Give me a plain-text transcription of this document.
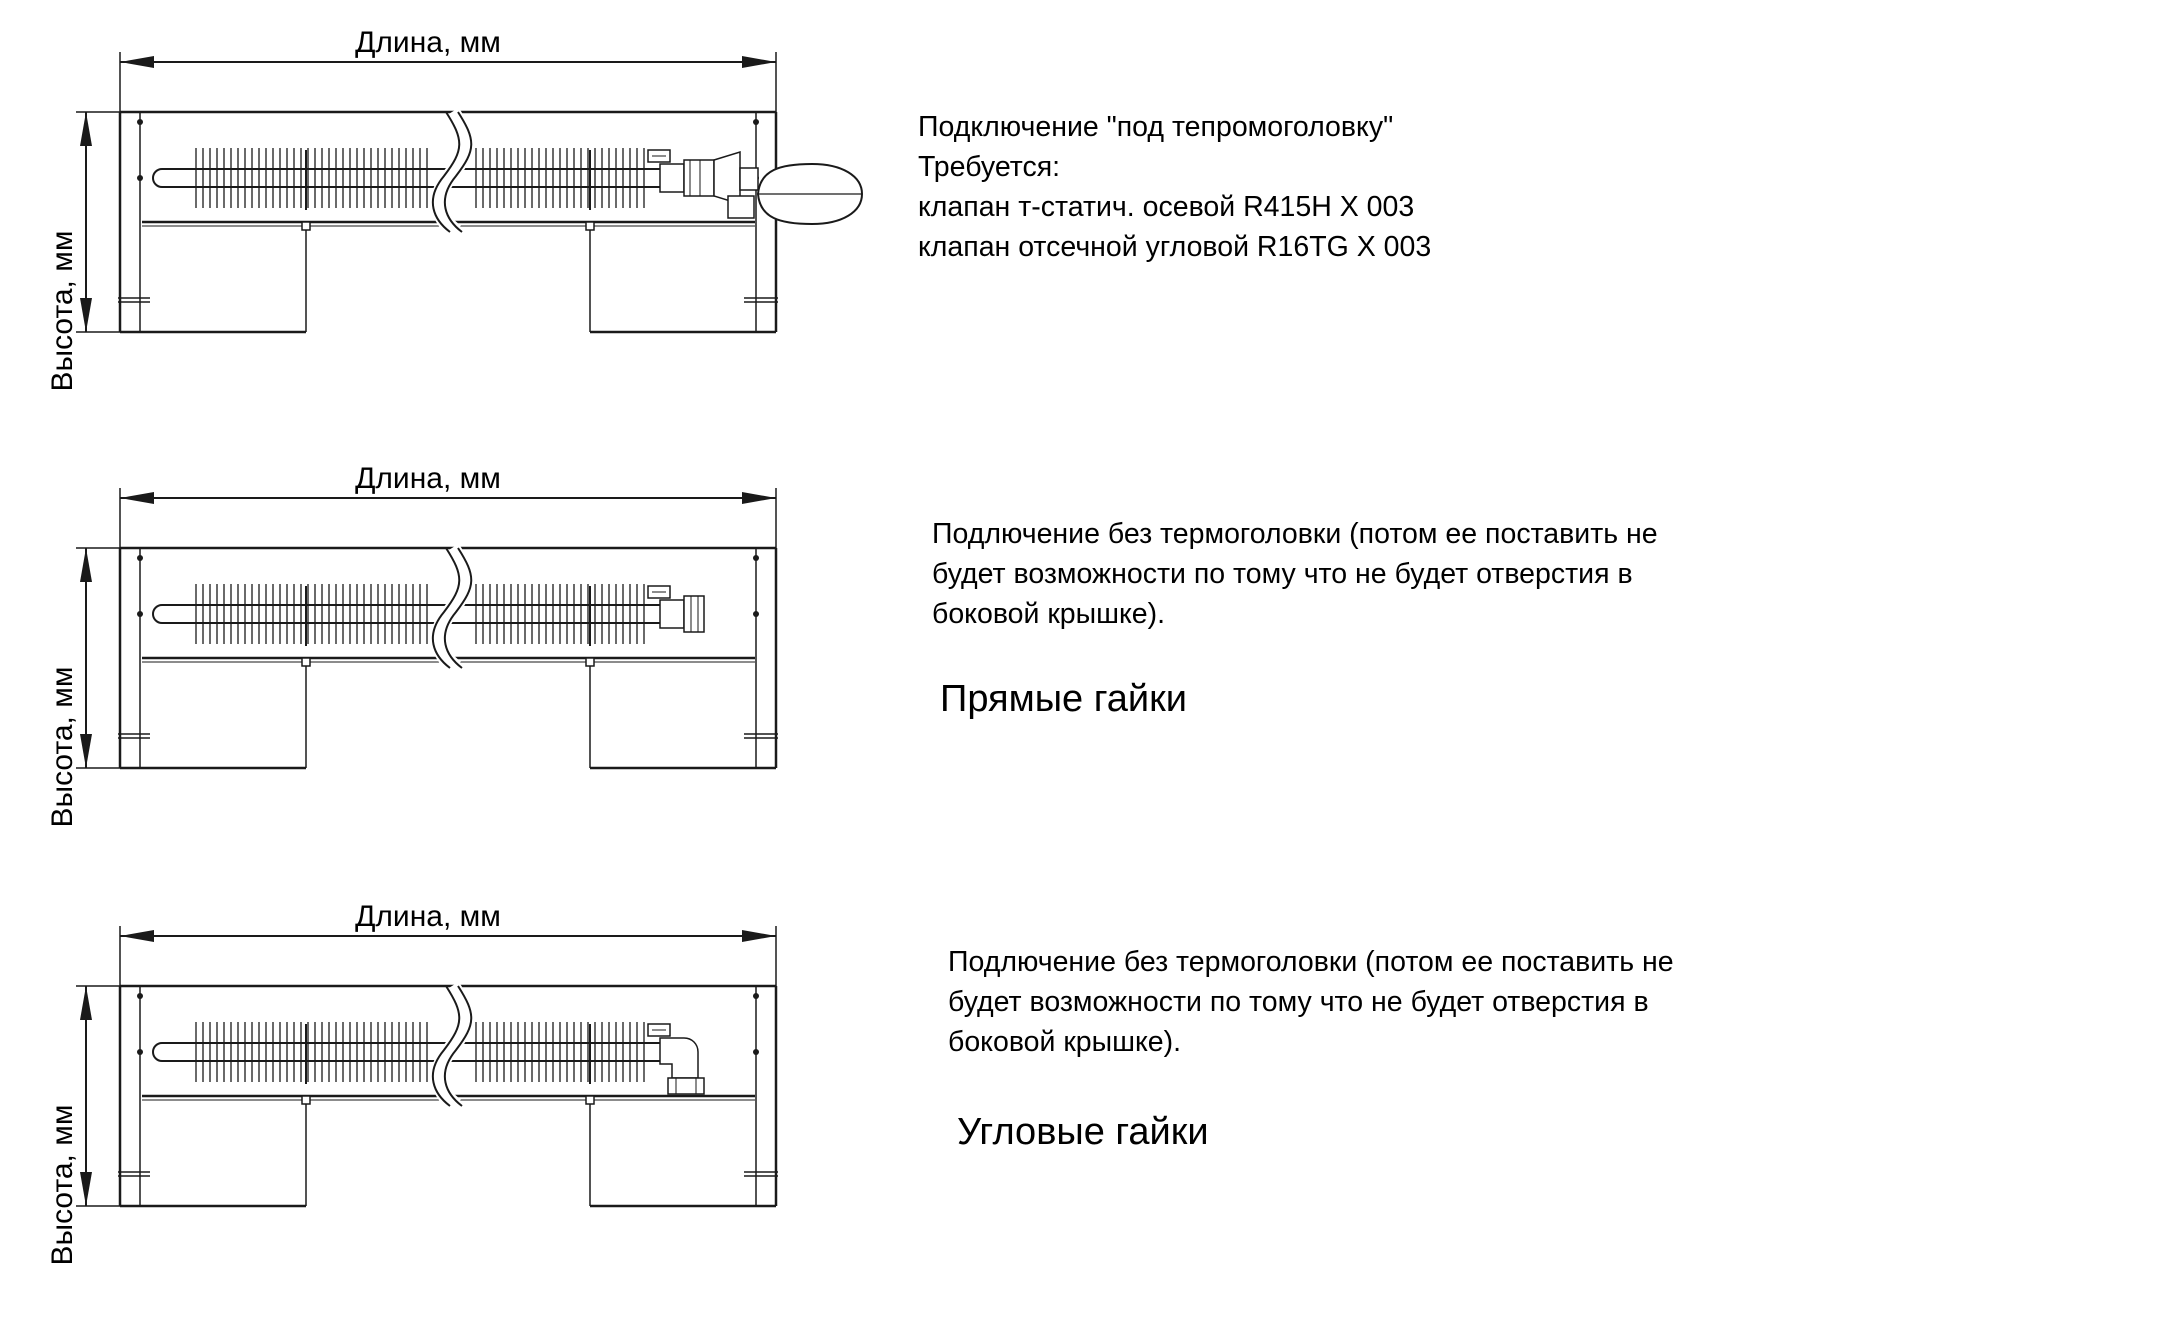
Длина, мм
Высота, мм
Подключение "под тепромоголовку"
Требуется:
клапан т-статич. осевой R415H X 003
клапан отсечной угловой R16TG X 003
Длина, мм
Высота, мм
Подлючение без термоголовки (потом ее поставить не
будет возможности по тому что не будет отверстия в
боковой крышке).
Прямые гайки
Длина, мм
Высота, мм
Подлючение без термоголовки (потом ее поставить не
будет возможности по тому что не будет отверстия в
боковой крышке).
Угловые гайки
